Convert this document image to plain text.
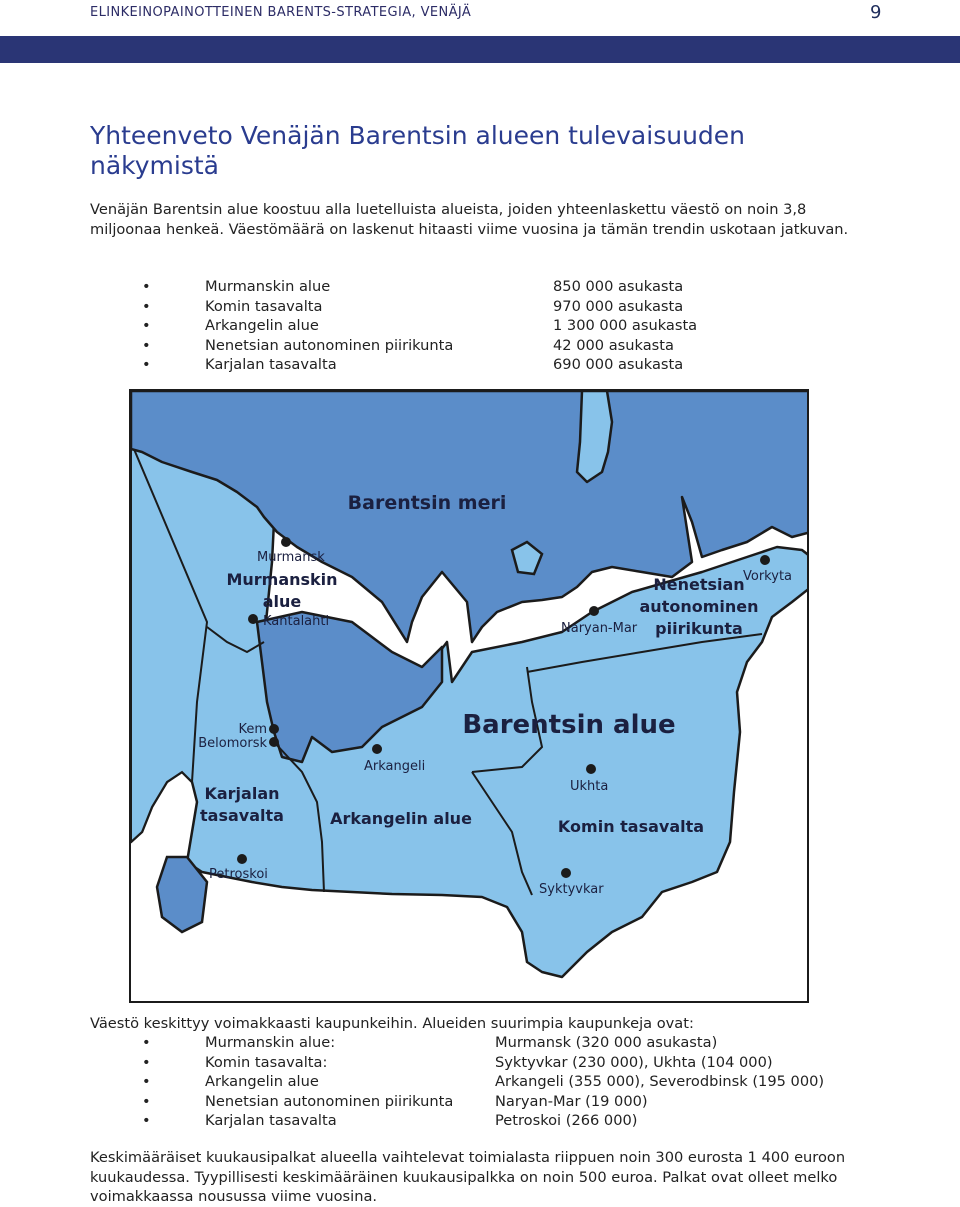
ELINKEINOPAINOTTEINEN BARENTS-STRATEGIA, VENÄJÄ	9
Yhteenveto Venäjän Barentsin alueen tulevaisuuden näkymistä

Venäjän Barentsin alue koostuu alla luetelluista alueista, joiden yhteenlaskettu väestö on noin 3,8 miljoonaa henkeä. Väestömäärä on laskenut hitaasti viime vuosina ja tämän trendin uskotaan jatkuvan.

•	Murmanskin alue	850 000 asukasta
•	Komin tasavalta	970 000 asukasta
•	Arkangelin alue	1 300 000 asukasta
•	Nenetsian autonominen piirikunta	42 000 asukasta
•	Karjalan tasavalta	690 000 asukasta
Barentsin meri
Barentsin alue
Murmanskin
alue
Nenetsian
autonominen
piirikunta
Karjalan
tasavalta	Arkangelin alue	Komin tasavalta
Murmansk
Kantalahti	Naryan-Mar
Vorkyta
Kem
Belomorsk
Arkangeli
Ukhta
Petroskoi
Syktyvkar

Väestö keskittyy voimakkaasti kaupunkeihin. Alueiden suurimpia kaupunkeja ovat:

•	Murmanskin alue:	Murmansk (320 000 asukasta)
•	Komin tasavalta:	Syktyvkar (230 000), Ukhta (104 000)
•	Arkangelin alue	Arkangeli (355 000), Severodbinsk (195 000)
•	Nenetsian autonominen piirikunta	Naryan-Mar (19 000)
•	Karjalan tasavalta	Petroskoi (266 000)

Keskimääräiset kuukausipalkat alueella vaihtelevat toimialasta riippuen noin 300 eurosta 1 400 euroon kuukaudessa. Tyypillisesti keskimääräinen kuukausipalkka on noin 500 euroa. Palkat ovat olleet melko voimakkaassa nousussa viime vuosina.
